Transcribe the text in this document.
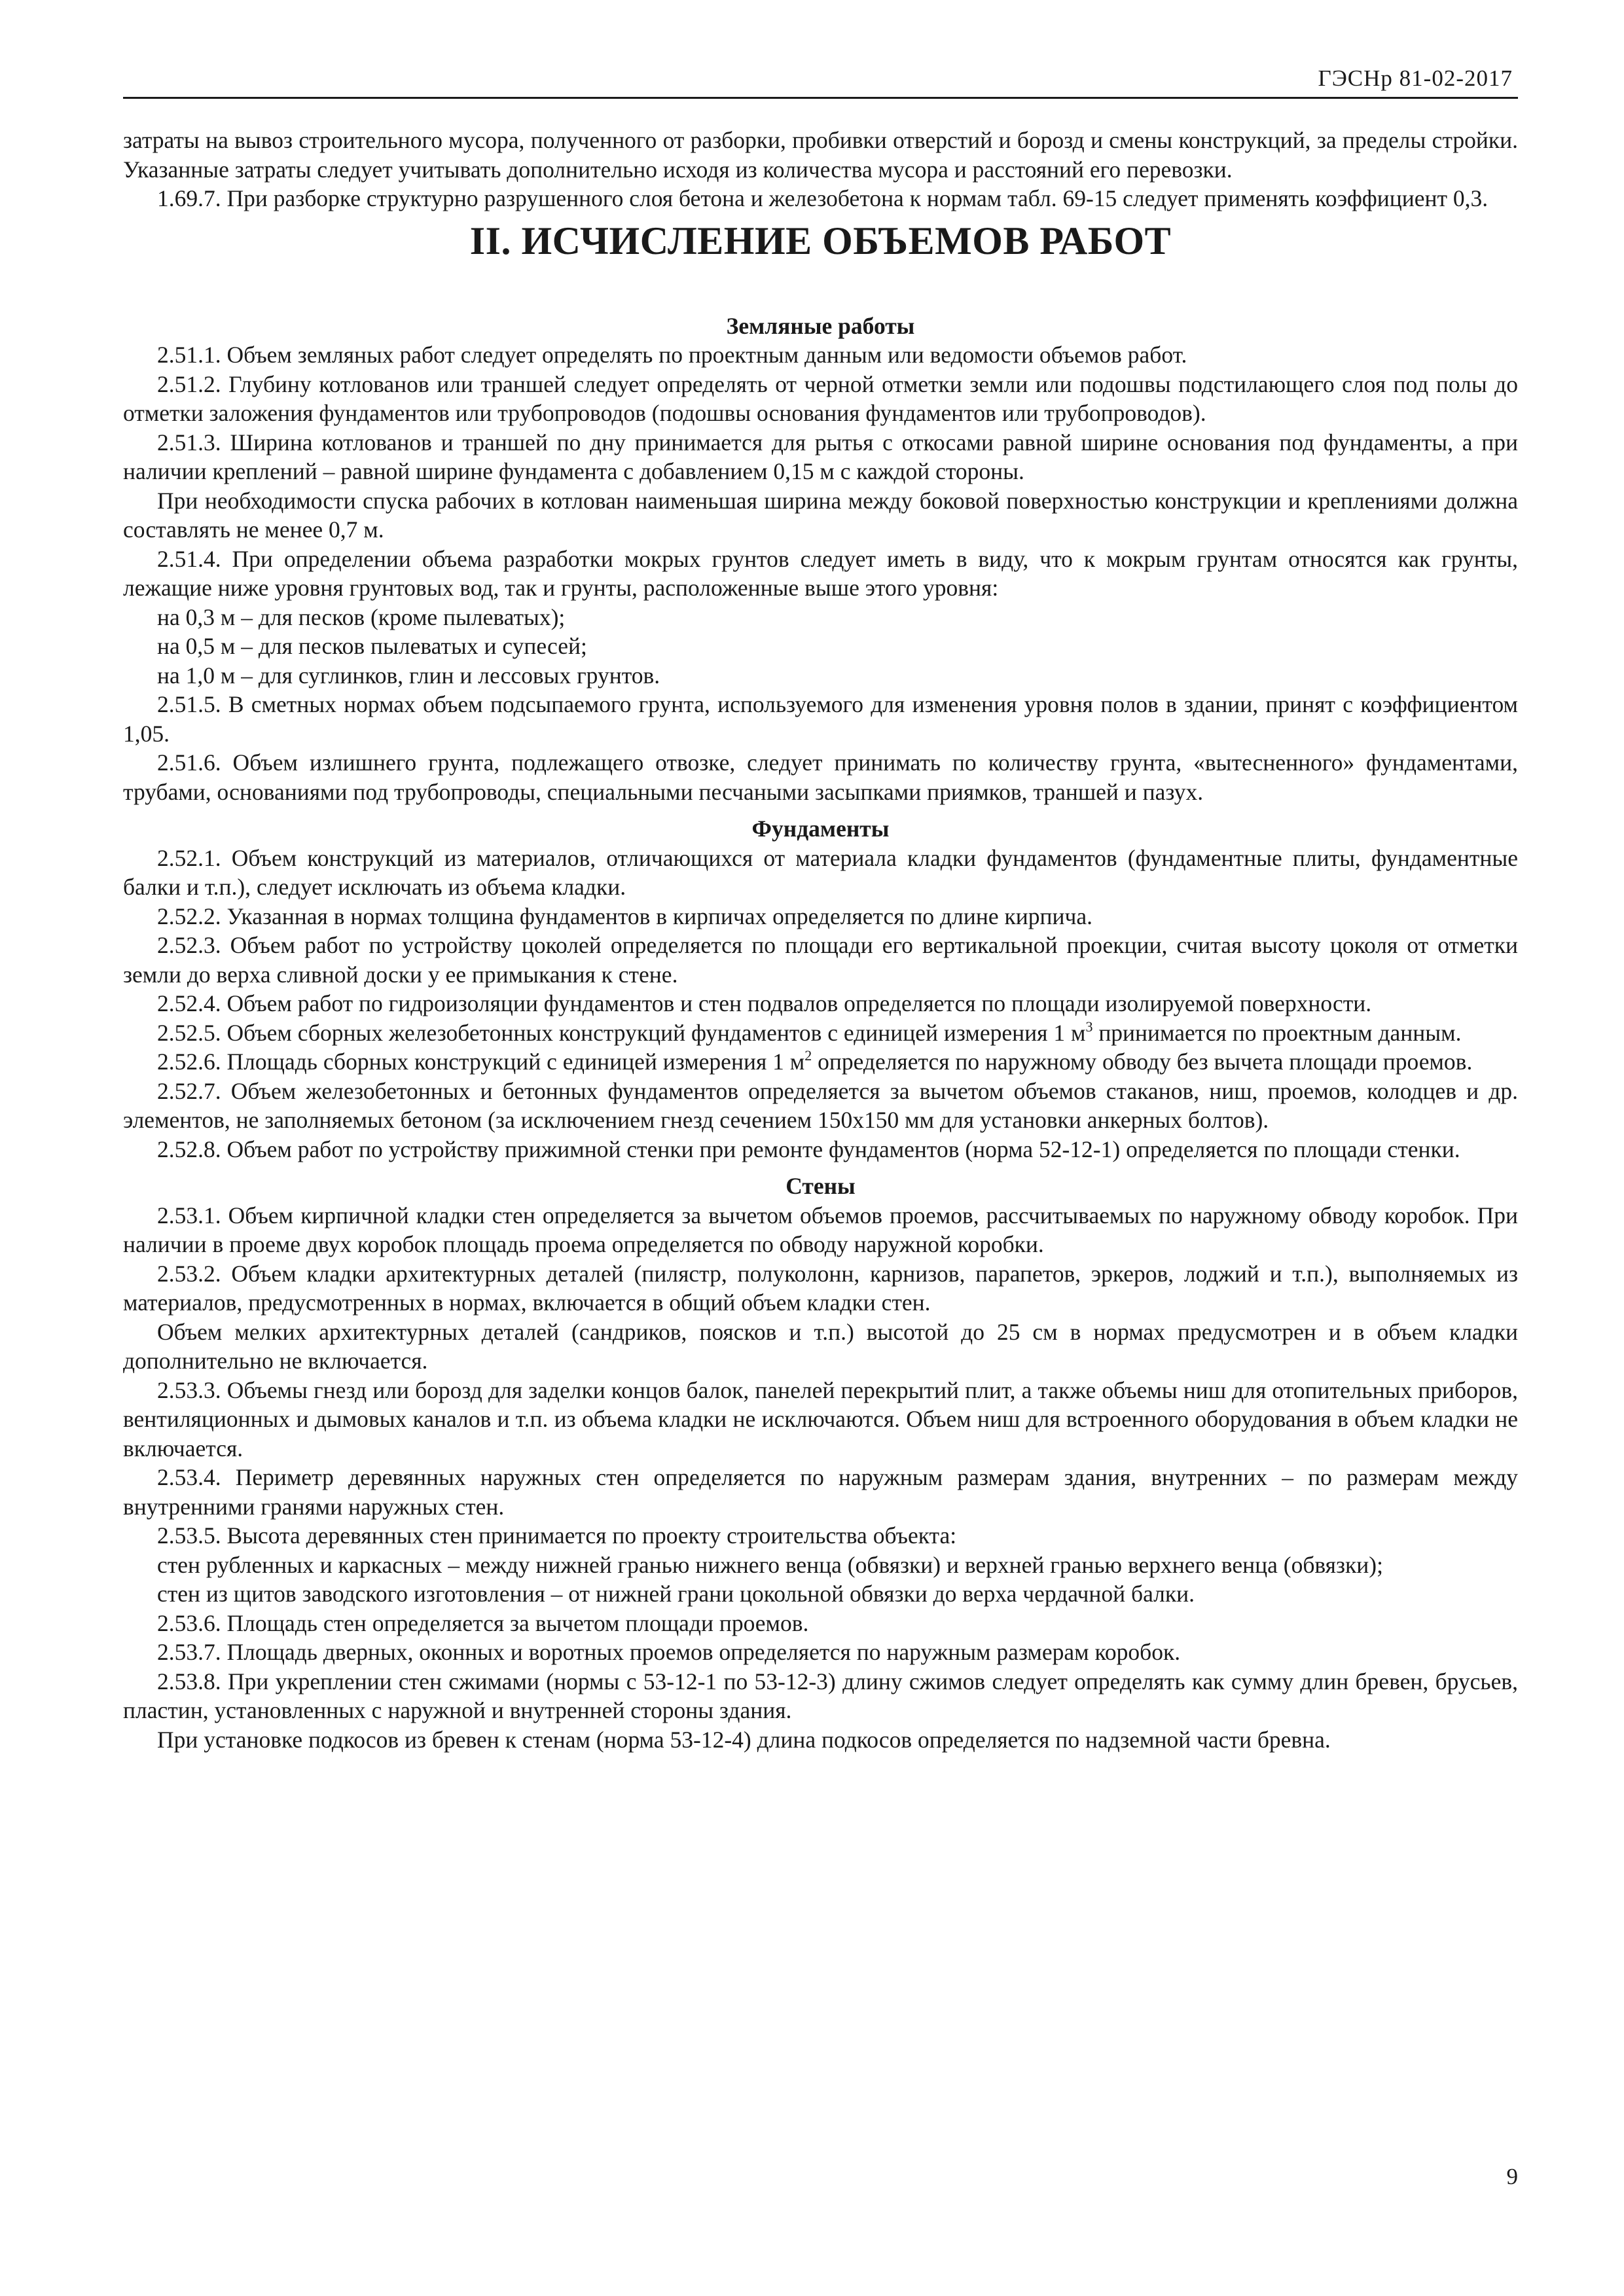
ГЭСНр 81-02-2017

затраты на вывоз строительного мусора, полученного от разборки, пробивки отверстий и борозд и смены конструкций, за пределы стройки. Указанные затраты следует учитывать дополнительно исходя из количества мусора и расстояний его перевозки.

1.69.7. При разборке структурно разрушенного слоя бетона и железобетона к нормам табл. 69-15 следует применять коэффициент 0,3.

II. ИСЧИСЛЕНИЕ ОБЪЕМОВ РАБОТ
Земляные работы

2.51.1. Объем земляных работ следует определять по проектным данным или ведомости объемов работ.

2.51.2. Глубину котлованов или траншей следует определять от черной отметки земли или подошвы подстилающего слоя под полы до отметки заложения фундаментов или трубопроводов (подошвы основания фундаментов или трубопроводов).

2.51.3. Ширина котлованов и траншей по дну принимается для рытья с откосами равной ширине основания под фундаменты, а при наличии креплений – равной ширине фундамента с добавлением 0,15 м с каждой стороны.

При необходимости спуска рабочих в котлован наименьшая ширина между боковой поверхностью конструкции и креплениями должна составлять не менее 0,7 м.

2.51.4. При определении объема разработки мокрых грунтов следует иметь в виду, что к мокрым грунтам относятся как грунты, лежащие ниже уровня грунтовых вод, так и грунты, расположенные выше этого уровня:

на 0,3 м – для песков (кроме пылеватых);

на 0,5 м – для песков пылеватых и супесей;

на 1,0 м – для суглинков, глин и лессовых грунтов.

2.51.5. В сметных нормах объем подсыпаемого грунта, используемого для изменения уровня полов в здании, принят с коэффициентом 1,05.

2.51.6. Объем излишнего грунта, подлежащего отвозке, следует принимать по количеству грунта, «вытесненного» фундаментами, трубами, основаниями под трубопроводы, специальными песчаными засыпками приямков, траншей и пазух.

Фундаменты

2.52.1. Объем конструкций из материалов, отличающихся от материала кладки фундаментов (фундаментные плиты, фундаментные балки и т.п.), следует исключать из объема кладки.

2.52.2. Указанная в нормах толщина фундаментов в кирпичах определяется по длине кирпича.

2.52.3. Объем работ по устройству цоколей определяется по площади его вертикальной проекции, считая высоту цоколя от отметки земли до верха сливной доски у ее примыкания к стене.

2.52.4. Объем работ по гидроизоляции фундаментов и стен подвалов определяется по площади изолируемой поверхности.

2.52.5. Объем сборных железобетонных конструкций фундаментов с единицей измерения 1 $м^3$ принимается по проектным данным.

2.52.6. Площадь сборных конструкций с единицей измерения 1 $м^2$ определяется по наружному обводу без вычета площади проемов.

2.52.7. Объем железобетонных и бетонных фундаментов определяется за вычетом объемов стаканов, ниш, проемов, колодцев и др. элементов, не заполняемых бетоном (за исключением гнезд сечением 150х150 мм для установки анкерных болтов).

2.52.8. Объем работ по устройству прижимной стенки при ремонте фундаментов (норма 52-12-1) определяется по площади стенки.

Стены

2.53.1. Объем кирпичной кладки стен определяется за вычетом объемов проемов, рассчитываемых по наружному обводу коробок. При наличии в проеме двух коробок площадь проема определяется по обводу наружной коробки.

2.53.2. Объем кладки архитектурных деталей (пилястр, полуколонн, карнизов, парапетов, эркеров, лоджий и т.п.), выполняемых из материалов, предусмотренных в нормах, включается в общий объем кладки стен.

Объем мелких архитектурных деталей (сандриков, поясков и т.п.) высотой до 25 см в нормах предусмотрен и в объем кладки дополнительно не включается.

2.53.3. Объемы гнезд или борозд для заделки концов балок, панелей перекрытий плит, а также объемы ниш для отопительных приборов, вентиляционных и дымовых каналов и т.п. из объема кладки не исключаются. Объем ниш для встроенного оборудования в объем кладки не включается.

2.53.4. Периметр деревянных наружных стен определяется по наружным размерам здания, внутренних – по размерам между внутренними гранями наружных стен.

2.53.5. Высота деревянных стен принимается по проекту строительства объекта:

стен рубленных и каркасных – между нижней гранью нижнего венца (обвязки) и верхней гранью верхнего венца (обвязки);

стен из щитов заводского изготовления – от нижней грани цокольной обвязки до верха чердачной балки.

2.53.6. Площадь стен определяется за вычетом площади проемов.

2.53.7. Площадь дверных, оконных и воротных проемов определяется по наружным размерам коробок.

2.53.8. При укреплении стен сжимами (нормы с 53-12-1 по 53-12-3) длину сжимов следует определять как сумму длин бревен, брусьев, пластин, установленных с наружной и внутренней стороны здания.

При установке подкосов из бревен к стенам (норма 53-12-4) длина подкосов определяется по надземной части бревна.

9
